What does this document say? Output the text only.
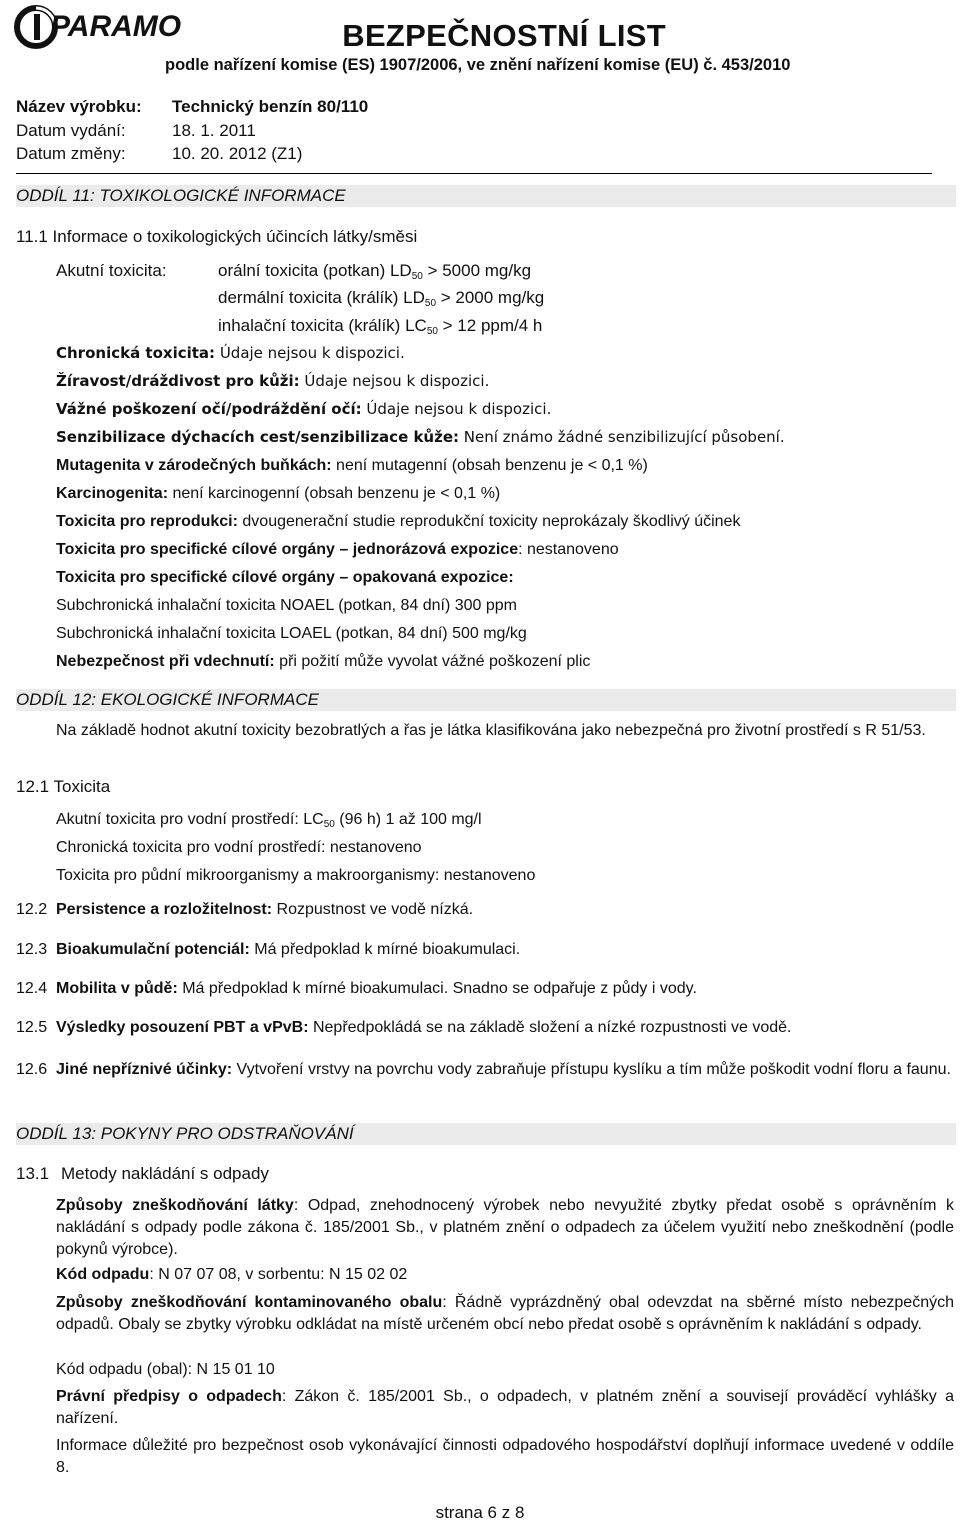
PARAMO	BEZPEČNOSTNÍ LIST
podle nařízení komise (ES) 1907/2006, ve znění nařízení komise (EU) č. 453/2010
Název výrobku: Technický benzín 80/110
Datum vydání:	18. 1. 2011
Datum změny:	10. 20. 2012 (Z1)
ODDÍL 11: TOXIKOLOGICKÉ INFORMACE
11.1 Informace o toxikologických účincích látky/směsi
Akutní toxicita:	orální toxicita (potkan) LD50 > 5000 mg/kg
dermální toxicita (králík) LD50 > 2000 mg/kg
inhalační toxicita (králík) LC50 > 12 ppm/4 h
Chronická toxicita: Údaje nejsou k dispozici.
Žíravost/dráždivost pro kůži: Údaje nejsou k dispozici.
Vážné poškození očí/podráždění očí: Údaje nejsou k dispozici.
Senzibilizace dýchacích cest/senzibilizace kůže: Není známo žádné senzibilizující působení.
Mutagenita v zárodečných buňkách: není mutagenní (obsah benzenu je < 0,1 %)
Karcinogenita: není karcinogenní (obsah benzenu je < 0,1 %)
Toxicita pro reprodukci: dvougenerační studie reprodukční toxicity neprokázaly škodlivý účinek
Toxicita pro specifické cílové orgány – jednorázová expozice: nestanoveno
Toxicita pro specifické cílové orgány – opakovaná expozice:
Subchronická inhalační toxicita NOAEL (potkan, 84 dní) 300 ppm
Subchronická inhalační toxicita LOAEL (potkan, 84 dní) 500 mg/kg
Nebezpečnost při vdechnutí: při požití může vyvolat vážné poškození plic
ODDÍL 12: EKOLOGICKÉ INFORMACE
Na základě hodnot akutní toxicity bezobratlých a řas je látka klasifikována jako nebezpečná pro životní prostředí s R 51/53.
12.1 Toxicita
Akutní toxicita pro vodní prostředí: LC50 (96 h) 1 až 100 mg/l
Chronická toxicita pro vodní prostředí: nestanoveno
Toxicita pro půdní mikroorganismy a makroorganismy: nestanoveno
12.2 Persistence a rozložitelnost: Rozpustnost ve vodě nízká.
12.3 Bioakumulační potenciál: Má předpoklad k mírné bioakumulaci.
12.4 Mobilita v půdě: Má předpoklad k mírné bioakumulaci. Snadno se odpařuje z půdy i vody.
12.5 Výsledky posouzení PBT a vPvB: Nepředpokládá se na základě složení a nízké rozpustnosti ve vodě.
12.6 Jiné nepříznivé účinky: Vytvoření vrstvy na povrchu vody zabraňuje přístupu kyslíku a tím může poškodit vodní floru a faunu.
ODDÍL 13: POKYNY PRO ODSTRAŇOVÁNÍ
13.1 Metody nakládání s odpady
Způsoby zneškodňování látky: Odpad, znehodnocený výrobek nebo nevyužité zbytky předat osobě s oprávněním k nakládání s odpady podle zákona č. 185/2001 Sb., v platném znění o odpadech za účelem využití nebo zneškodnění (podle pokynů výrobce).
Kód odpadu: N 07 07 08, v sorbentu: N 15 02 02
Způsoby zneškodňování kontaminovaného obalu: Řádně vyprázdněný obal odevzdat na sběrné místo nebezpečných odpadů. Obaly se zbytky výrobku odkládat na místě určeném obcí nebo předat osobě s oprávněním k nakládání s odpady.
Kód odpadu (obal): N 15 01 10
Právní předpisy o odpadech: Zákon č. 185/2001 Sb., o odpadech, v platném znění a souvisejí prováděcí vyhlášky a nařízení.
Informace důležité pro bezpečnost osob vykonávající činnosti odpadového hospodářství doplňují informace uvedené v oddíle 8.
strana 6 z 8
